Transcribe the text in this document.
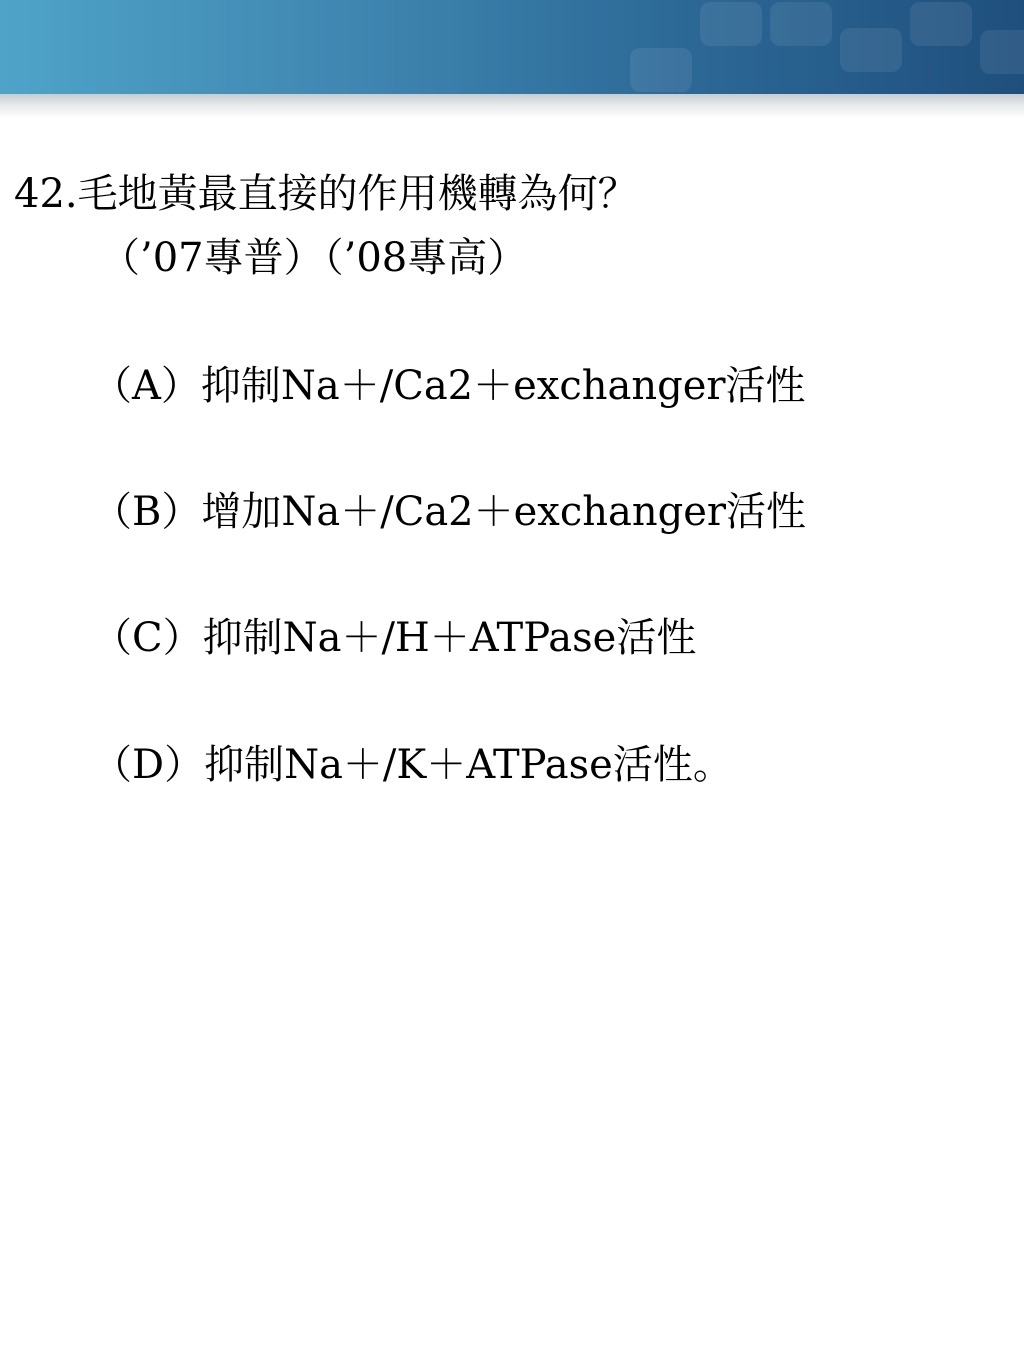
42.毛地黃最直接的作用機轉為何？
（’07專普）（’08專高）
（A）抑制Na＋/Ca2＋exchanger活性
（B）增加Na＋/Ca2＋exchanger活性
（C）抑制Na＋/H＋ATPase活性
（D）抑制Na＋/K＋ATPase活性。
